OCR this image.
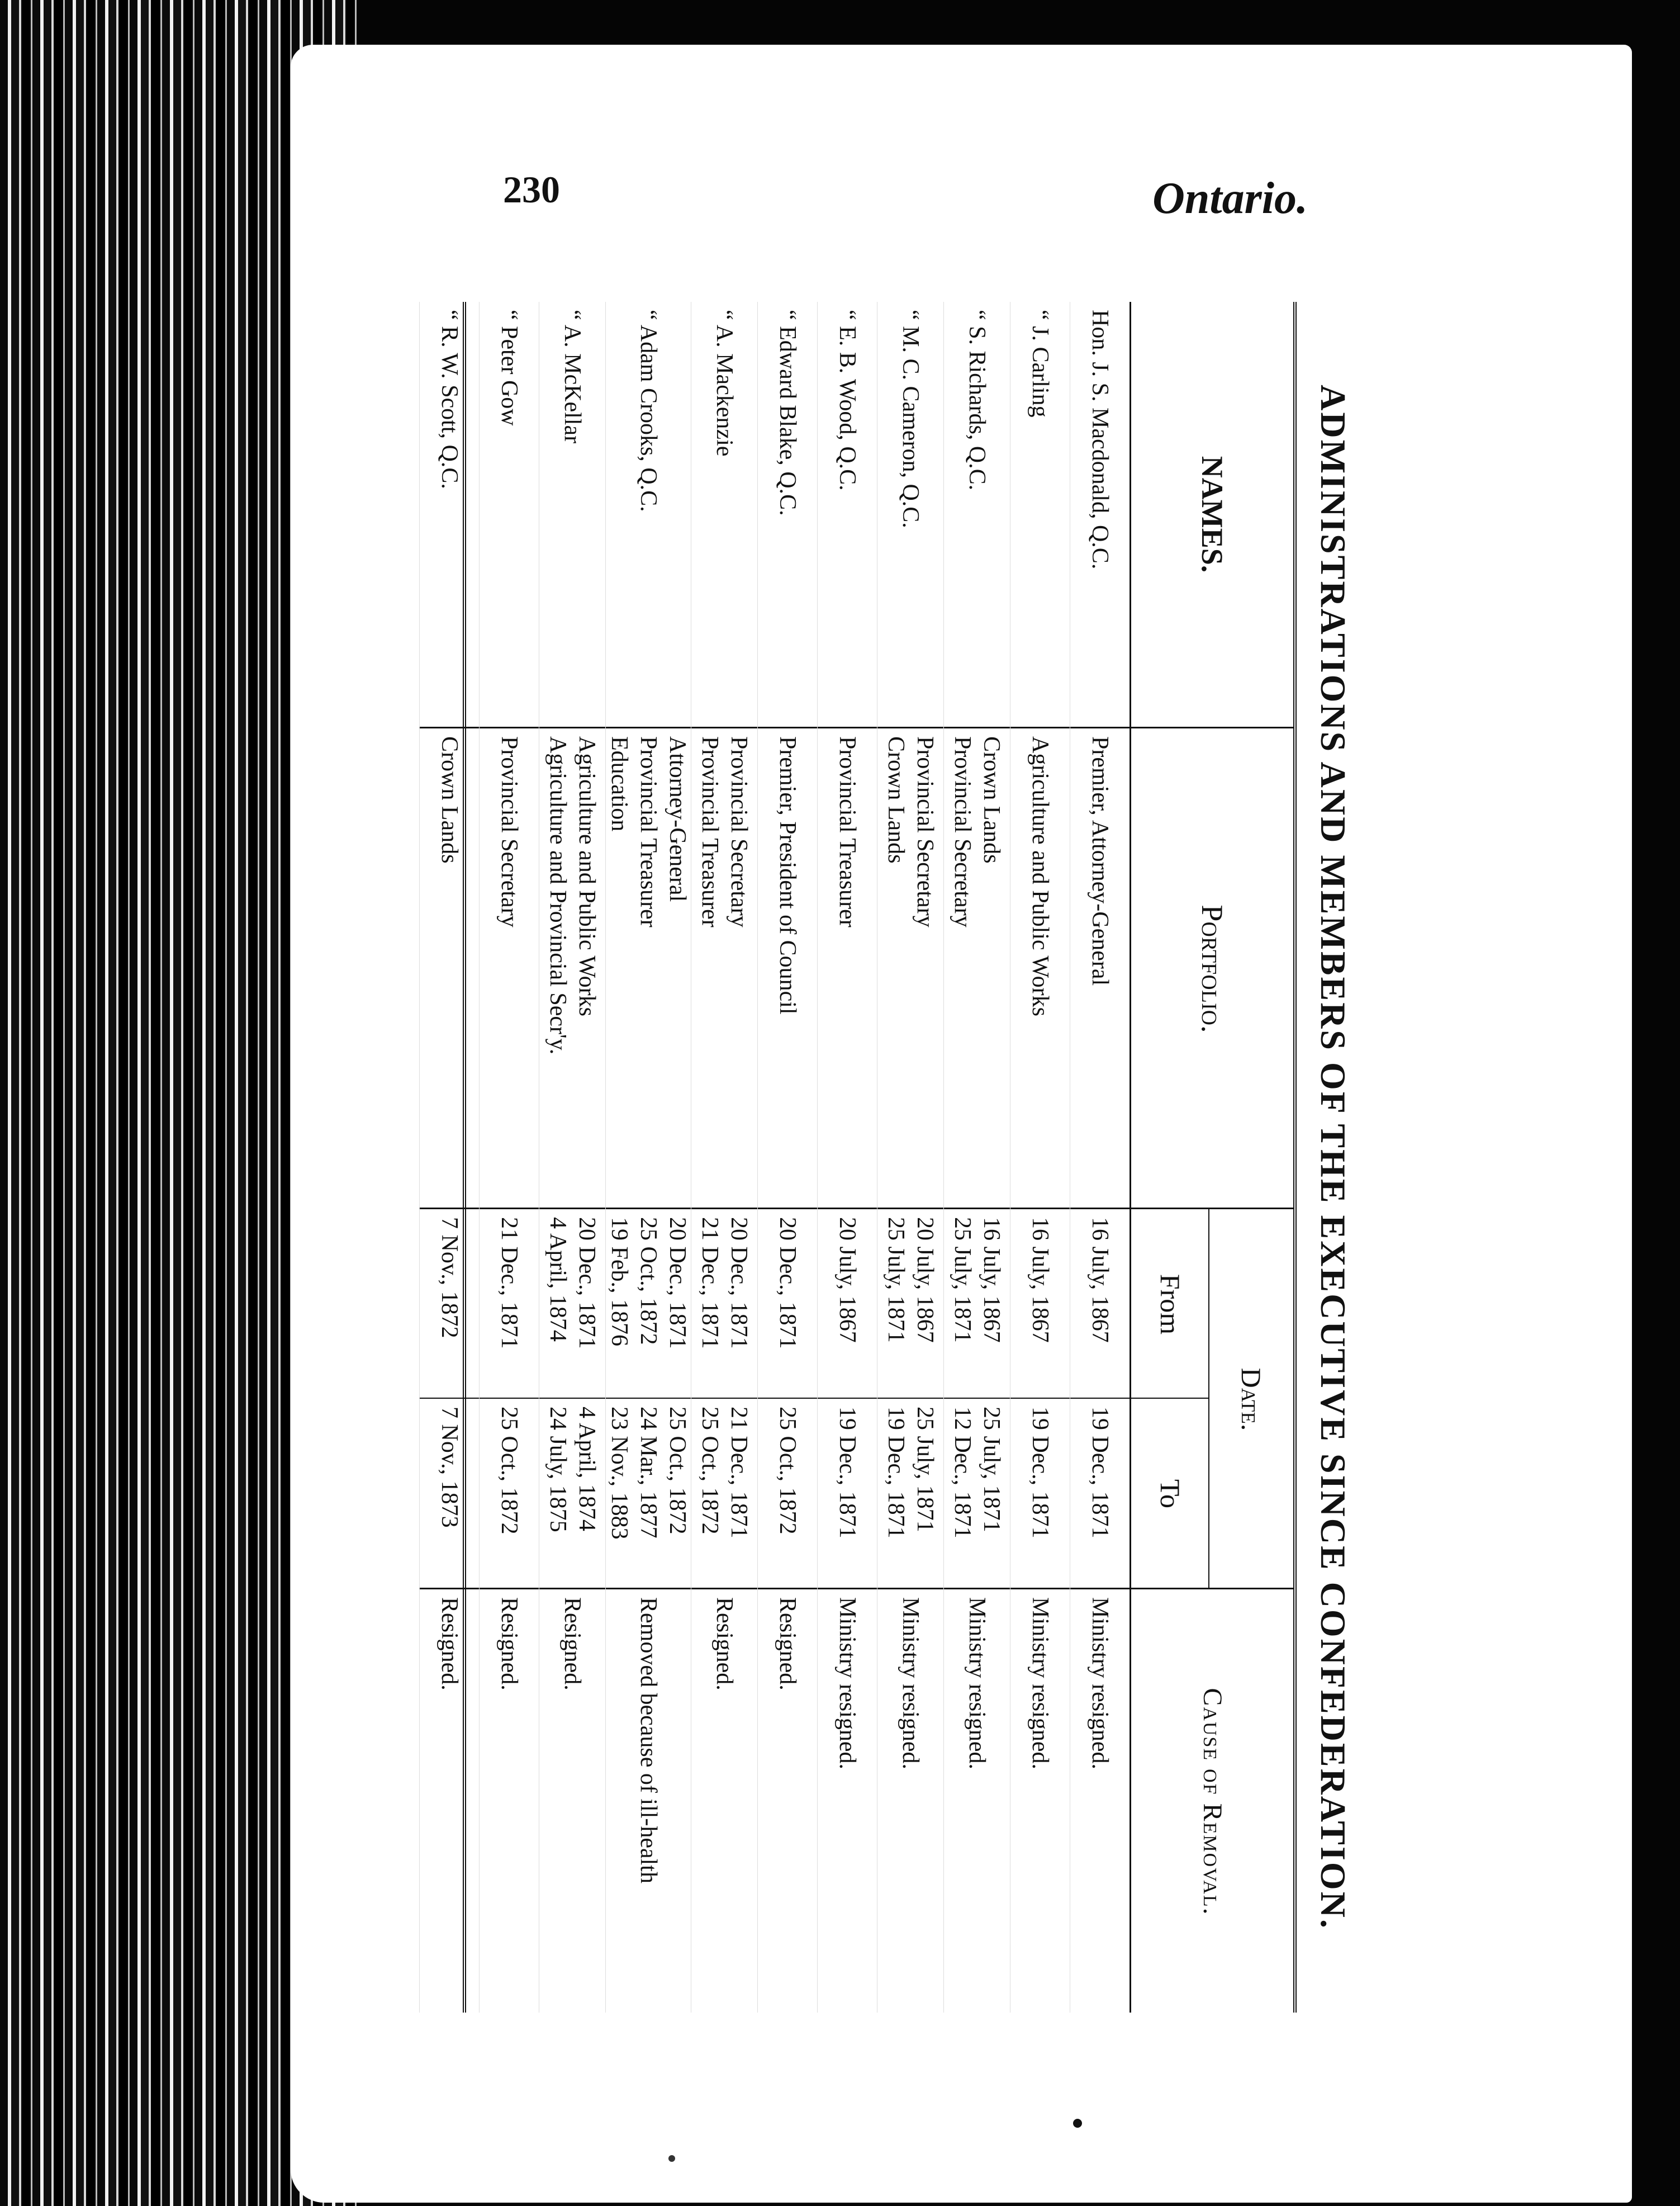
230	Ontario.
ADMINISTRATIONS AND MEMBERS OF THE EXECUTIVE SINCE CONFEDERATION.
NAMES.
Portfolio.
Date.
From
To
Cause of Removal.
Hon. J. S. Macdonald, Q.C.
Premier, Attorney-General
16 July, 1867
19 Dec., 1871
Ministry resigned.
“ J. Carling
Agriculture and Public Works
16 July, 1867
19 Dec., 1871
Ministry resigned.
“ S. Richards, Q.C.
Crown Lands
Provincial Secretary
16 July, 1867
25 July, 1871
25 July, 1871
12 Dec., 1871
Ministry resigned.
“ M. C. Cameron, Q.C.
Provincial Secretary
Crown Lands
20 July, 1867
25 July, 1871
25 July, 1871
19 Dec., 1871
Ministry resigned.
“ E. B. Wood, Q.C.
Provincial Treasurer
20 July, 1867
19 Dec., 1871
Ministry resigned.
“ Edward Blake, Q.C.
Premier, President of Council
20 Dec., 1871
25 Oct., 1872
Resigned.
“ A. Mackenzie
Provincial Secretary
Provincial Treasurer
20 Dec., 1871
21 Dec., 1871
21 Dec., 1871
25 Oct., 1872
Resigned.
“ Adam Crooks, Q.C.
Attorney-General
Provincial Treasurer
Education
20 Dec., 1871
25 Oct., 1872
19 Feb., 1876
25 Oct., 1872
24 Mar., 1877
23 Nov., 1883
Removed because of ill-health
“ A. McKellar
Agriculture and Public Works
Agriculture and Provincial Secr'y.
20 Dec., 1871
4 April, 1874
4 April, 1874
24 July, 1875
Resigned.
“ Peter Gow
Provincial Secretary
21 Dec., 1871
25 Oct., 1872
Resigned.
“ R. W. Scott, Q.C.
Crown Lands
7 Nov., 1872
7 Nov., 1873
Resigned.
